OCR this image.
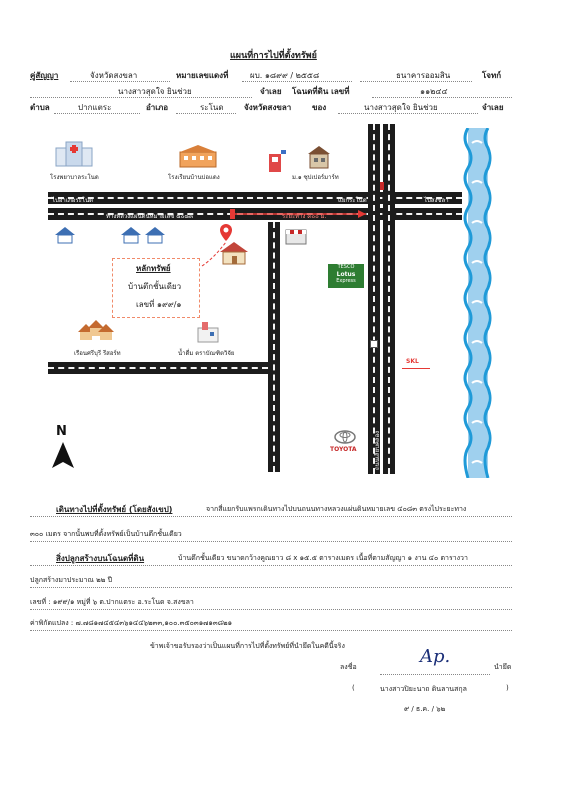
แผนที่การไปที่ตั้งทรัพย์
คู่สัญญา	จังหวัดสงขลา	หมายเลขแดงที่	ผบ. ๑๘๙๙ / ๒๕๕๘	ธนาคารออมสิน	โจทก์
นางสาวสุดใจ ยินช่วย	จำเลย โฉนดที่ดิน เลขที่	๑๑๒๔๔
ตำบล	ปากแตระ	อำเภอ	ระโนด	จังหวัดสงขลา	ของ	นางสาวสุดใจ ยินช่วย	จำเลย
ไปอำเภอระโนด	ไปสงขลา
ทางหลวงแผ่นดินหมายเลข ๔๐๘๓
แยกระโนด
ถนนสายหลัก
ถนนเลียบคลอง
ระยะทาง ๓๐๐ ม.
โรงพยาบาลระโนด	โรงเรียนบ้านบ่อแดง	ม.๑ ซุปเปอร์มาร์ท
หลักทรัพย์
บ้านตึกชั้นเดียว
เลขที่ ๑๙๙/๑
เรือนศรีบุรี รีสอร์ท	น้ำดื่ม ตราบัณฑิตวิจัย
TESCO
Lotus
Express
SKL
TOYOTA
N
เดินทางไปที่ตั้งทรัพย์ (โดยสังเขป)	จากสี่แยกรับแพรกเดินทางไปบนถนนทางหลวงแผ่นดินหมายเลข ๔๐๘๓ ตรงไประยะทาง
๓๐๐ เมตร จากนั้นพบที่ตั้งทรัพย์เป็นบ้านตึกชั้นเดียว
สิ่งปลูกสร้างบนโฉนดที่ดิน	บ้านตึกชั้นเดียว ขนาดกว้างคูณยาว ๘ x ๑๕.๕ ตารางเมตร เนื้อที่ตามสัญญา ๑ งาน ๔๐ ตารางวา
ปลูกสร้างมาประมาณ ๒๒ ปี
เลขที่ : ๑๙๙/๑ หมู่ที่ ๖ ต.ปากแตระ อ.ระโนด จ.สงขลา
ค่าพิกัดแปลง : ๗.๗๘๑๗๔๕๔๓๖๑๔๔๖๒๓๓,๑๐๐.๓๕๐๓๑๗๑๓๘๒๑
ข้าพเจ้าขอรับรองว่าเป็นแผนที่การไปที่ตั้งทรัพย์ที่นำยึดในคดีนี้จริง
ลงชื่อ	Ap.	นำยึด
(	นางสาวปิยะนาถ ดินลานสกุล	)
๙ / ธ.ค. / ๖๒
